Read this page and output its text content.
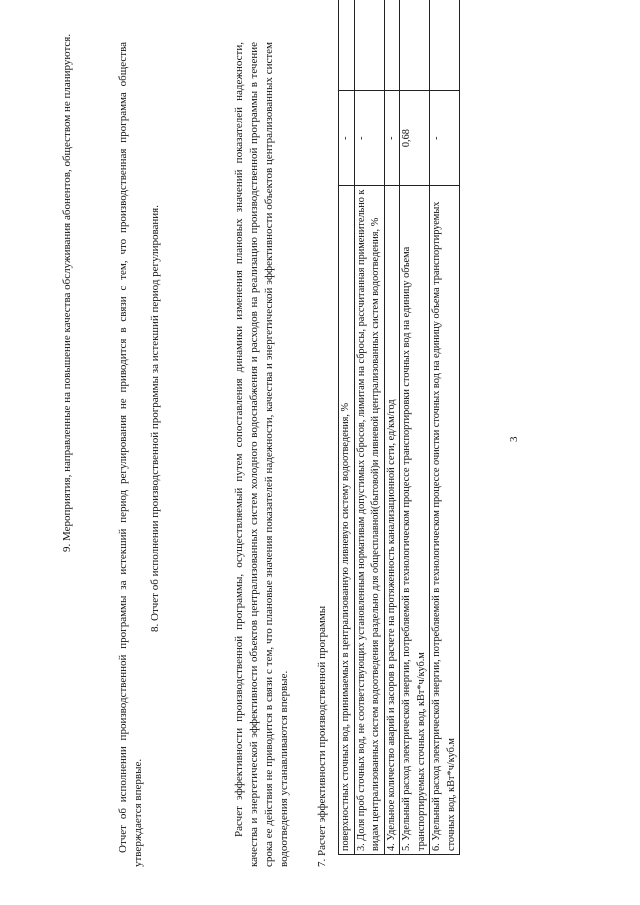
3
поверхностных сточных вод, принимаемых в централизованную ливневую систему водоотведения, %	-	
3. Доля проб сточных вод, не соответствующих установленным нормативам допустимых сбросов, лимитам на сбросы, рассчитанная применительно к видам централизованных систем водоотведения раздельно для общесплавной(бытовой)и ливневой централизованных систем водоотведения, %	-	
4. Удельное количество аварий и засоров в расчете на протяженность канализационной сети, ед/км/год	-	
5. Удельный расход электрической энергии, потребляемой в технологическом процессе транспортировки сточных вод на единицу объема транспортируемых сточных вод, кВт*ч/куб.м	0,68	
6. Удельный расход электрической энергии, потребляемой в технологическом процессе очистки сточных вод на единицу объема транспортируемых сточных вод, кВт*ч/куб.м	-	
7. Расчет эффективности производственной программы
Расчет эффективности производственной программы, осуществляемый путем сопоставления динамики изменения плановых значений показателей надежности, качества и энергетической эффективности объектов централизованных систем холодного водоснабжения и расходов на реализацию производственной программы в течение срока ее действия не приводится в связи с тем, что плановые значения показателей надежности, качества и энергетической эффективности объектов централизованных систем водоотведения устанавливаются впервые.
8. Отчет об исполнении производственной программы за истекший период регулирования.
Отчет об исполнении производственной программы за истекший период регулирования не приводится в связи с тем, что производственная программа общества утверждается впервые.
9. Мероприятия, направленные на повышение качества обслуживания абонентов, обществом не планируются.
